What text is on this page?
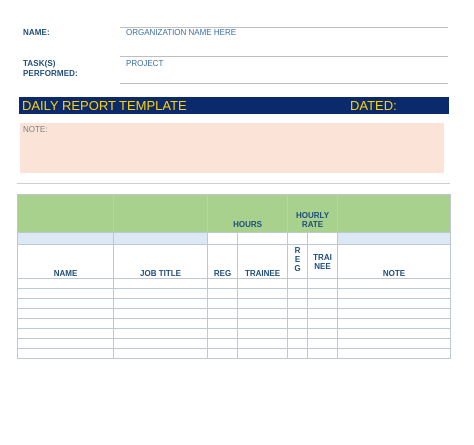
NAME:	ORGANIZATION NAME HERE
TASK(S)
PERFORMED:
PROJECT
DAILY REPORT TEMPLATE	DATED:
NOTE:
		HOURS		HOURLY
RATE		

NAME	JOB TITLE	REG	TRAINEE	REG	TRAINEE	NOTE
